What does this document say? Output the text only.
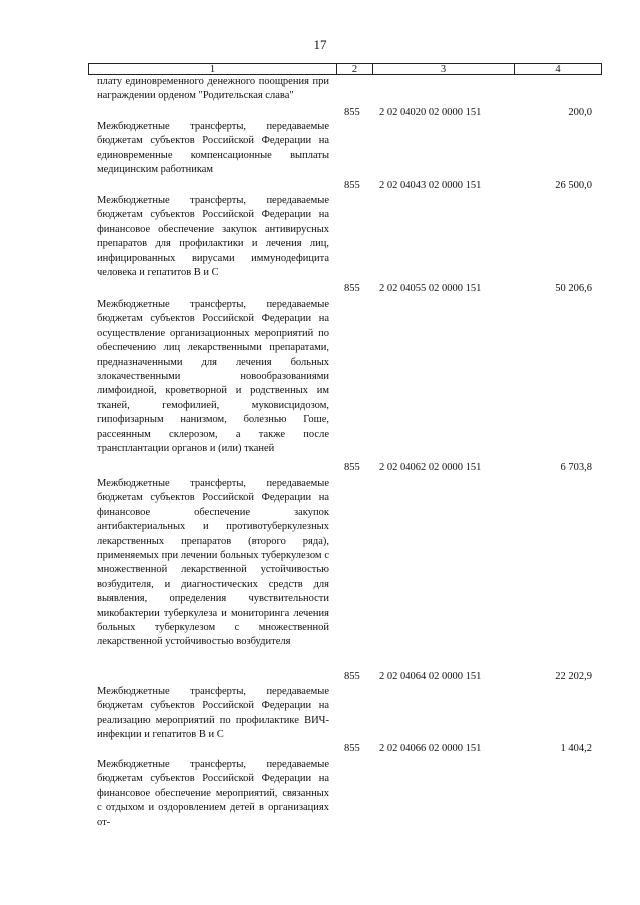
17
1	2	3	4
плату единовременного денежного поощрения при награждении орденом "Родительская слава"
855	2 02 04020 02 0000 151	200,0
Межбюджетные трансферты, передаваемые бюджетам субъектов Российской Федерации на единовременные компенсационные выплаты медицинским работникам
855	2 02 04043 02 0000 151	26 500,0
Межбюджетные трансферты, передаваемые бюджетам субъектов Российской Федерации на финансовое обеспечение закупок антивирусных препаратов для профилактики и лечения лиц, инфицированных вирусами иммунодефицита человека и гепатитов В и С
855	2 02 04055 02 0000 151	50 206,6
Межбюджетные трансферты, передаваемые бюджетам субъектов Российской Федерации на осуществление организационных мероприятий по обеспечению лиц лекарственными препаратами, предназначенными для лечения больных злокачественными новообразованиями лимфоидной, кроветворной и родственных им тканей, гемофилией, муковисцидозом, гипофизарным нанизмом, болезнью Гоше, рассеянным склерозом, а также после трансплантации органов и (или) тканей
855	2 02 04062 02 0000 151	6 703,8
Межбюджетные трансферты, передаваемые бюджетам субъектов Российской Федерации на финансовое обеспечение закупок антибактериальных и противотуберкулезных лекарственных препаратов (второго ряда), применяемых при лечении больных туберкулезом с множественной лекарственной устойчивостью возбудителя, и диагностических средств для выявления, определения чувствительности микобактерии туберкулеза и мониторинга лечения больных туберкулезом с множественной лекарственной устойчивостью возбудителя
855	2 02 04064 02 0000 151	22 202,9
Межбюджетные трансферты, передаваемые бюджетам субъектов Российской Федерации на реализацию мероприятий по профилактике ВИЧ-инфекции и гепатитов В и С
855	2 02 04066 02 0000 151	1 404,2
Межбюджетные трансферты, передаваемые бюджетам субъектов Российской Федерации на финансовое обеспечение мероприятий, связанных с отдыхом и оздоровлением детей в организациях от-
